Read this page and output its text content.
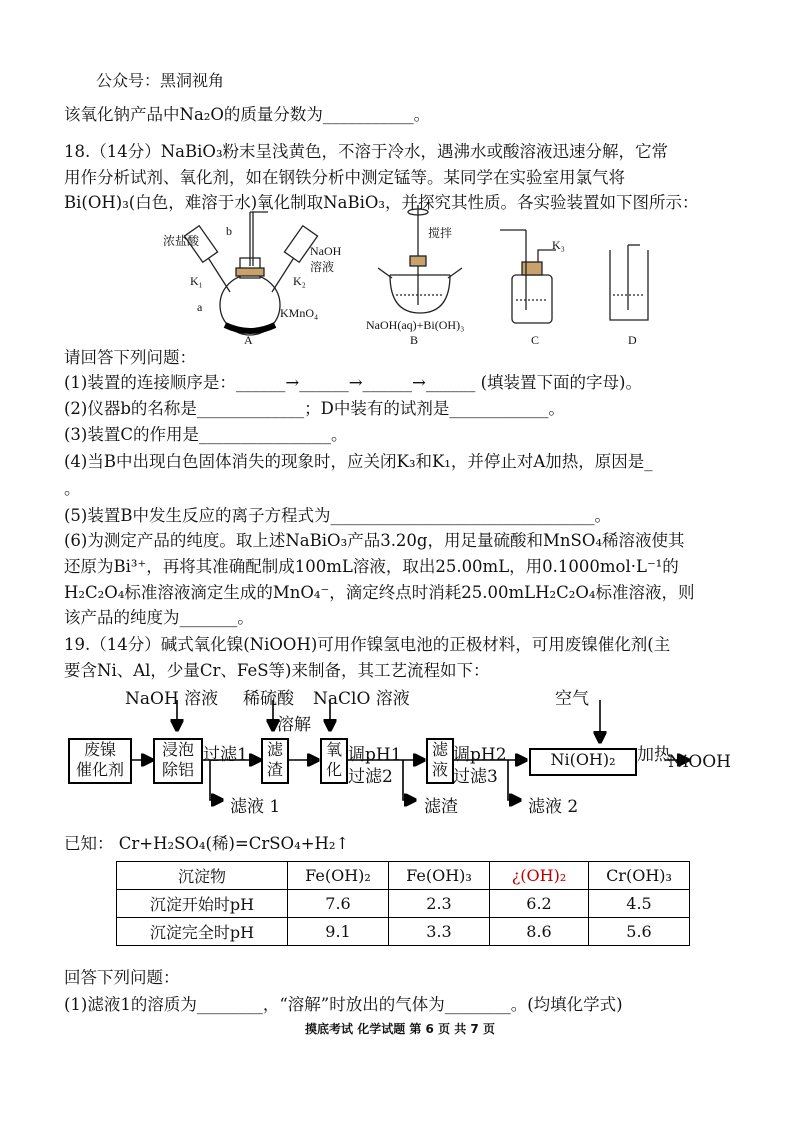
公众号：黑洞视角
该氧化钠产品中Na₂O的质量分数为___________。
18.（14分）NaBiO₃粉末呈浅黄色，不溶于冷水，遇沸水或酸溶液迅速分解，它常
用作分析试剂、氧化剂，如在钢铁分析中测定锰等。某同学在实验室用氯气将
Bi(OH)₃(白色，难溶于水)氧化制取NaBiO₃，并探究其性质。各实验装置如下图所示：
浓盐酸
b
NaOH
溶液
K₁	K₂
a	KMnO₄
搅拌
NaOH(aq)+Bi(OH)₃
K₃
A	B	C	D
请回答下列问题：
(1)装置的连接顺序是：______→______→______→______ (填装置下面的字母)。
(2)仪器b的名称是_____________；D中装有的试剂是____________。
(3)装置C的作用是________________。
(4)当B中出现白色固体消失的现象时，应关闭K₃和K₁，并停止对A加热，原因是_
。
(5)装置B中发生反应的离子方程式为________________________________。
(6)为测定产品的纯度。取上述NaBiO₃产品3.20g，用足量硫酸和MnSO₄稀溶液使其
还原为Bi³⁺，再将其准确配制成100mL溶液，取出25.00mL，用0.1000mol·L⁻¹的
H₂C₂O₄标准溶液滴定生成的MnO₄⁻，滴定终点时消耗25.00mLH₂C₂O₄标准溶液，则
该产品的纯度为_______。
19.（14分）碱式氧化镍(NiOOH)可用作镍氢电池的正极材料，可用废镍催化剂(主
要含Ni、Al，少量Cr、FeS等)来制备，其工艺流程如下：
NaOH 溶液 稀硫酸 NaClO 溶液
溶解
空气
废镍
催化剂
浸泡
除铝
滤
渣
氧
化
滤
液
Ni(OH)₂
过滤1	调pH1
过滤2
调pH2
过滤3
加热
NiOOH
滤液 1	滤渣	滤液 2
已知： Cr+H₂SO₄(稀)=CrSO₄+H₂↑
沉淀物	Fe(OH)₂	Fe(OH)₃	¿(OH)₂	Cr(OH)₃
沉淀开始时pH	7.6	2.3	6.2	4.5
沉淀完全时pH	9.1	3.3	8.6	5.6
回答下列问题：
(1)滤液1的溶质为________，“溶解”时放出的气体为________。(均填化学式)
摸底考试 化学试题 第 6 页 共 7 页
